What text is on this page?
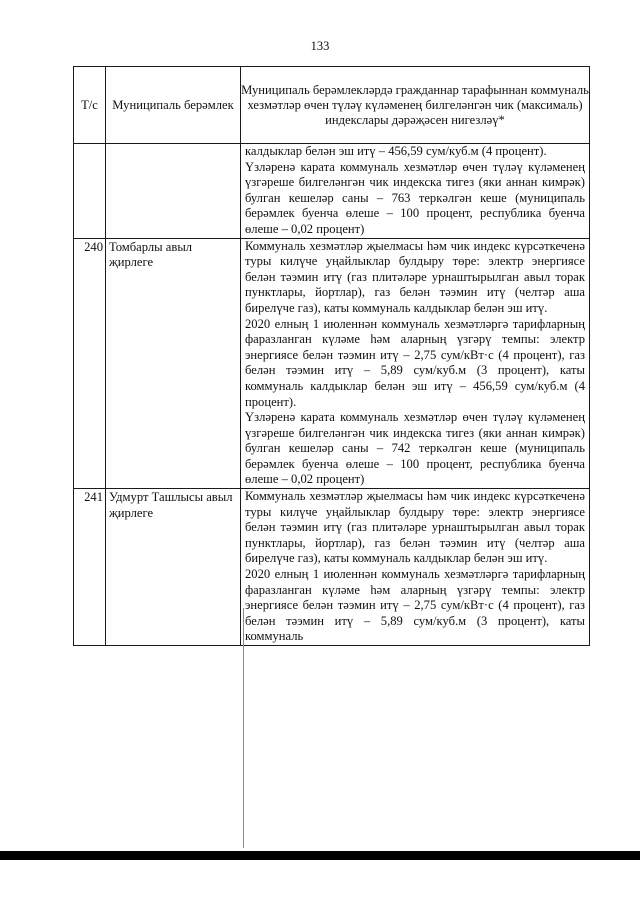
133
Т/с	Муниципаль берәмлек	Муниципаль берәмлекләрдә гражданнар тарафыннан коммуналь хезмәтләр өчен түләү күләменең билгеләнгән чик (максималь) индекслары дәрәҗәсен нигезләү*

		калдыклар белән эш итү – 456,59 сум/куб.м (4 процент).

Үзләренә карата коммуналь хезмәтләр өчен түләү күләменең үзгәреше билгеләнгән чик индекска тигез (яки аннан кимрәк) булган кешеләр саны – 763 теркәлгән кеше (муниципаль берәмлек буенча өлеше – 100 процент, республика буенча өлеше – 0,02 процент)

240	Томбарлы авыл җирлеге	Коммуналь хезмәтләр җыелмасы һәм чик индекс күрсәткеченә туры килүче уңайлыклар булдыру төре: электр энергиясе белән тәэмин итү (газ плитәләре урнаштырылган авыл торак пунктлары, йортлар), газ белән тәэмин итү (челтәр аша бирелүче газ), каты коммуналь калдыклар белән эш итү.

2020 елның 1 июленнән коммуналь хезмәтләргә тарифларның фаразланган күләме һәм аларның үзгәрү темпы: электр энергиясе белән тәэмин итү – 2,75 сум/кВт·с (4 процент), газ белән тәэмин итү – 5,89 сум/куб.м (3 процент), каты коммуналь калдыклар белән эш итү – 456,59 сум/куб.м (4 процент).

Үзләренә карата коммуналь хезмәтләр өчен түләү күләменең үзгәреше билгеләнгән чик индекска тигез (яки аннан кимрәк) булган кешеләр саны – 742 теркәлгән кеше (муниципаль берәмлек буенча өлеше – 100 процент, республика буенча өлеше – 0,02 процент)

241	Удмурт Ташлысы авыл җирлеге	Коммуналь хезмәтләр җыелмасы һәм чик индекс күрсәткеченә туры килүче уңайлыклар булдыру төре: электр энергиясе белән тәэмин итү (газ плитәләре урнаштырылган авыл торак пунктлары, йортлар), газ белән тәэмин итү (челтәр аша бирелүче газ), каты коммуналь калдыклар белән эш итү.

2020 елның 1 июленнән коммуналь хезмәтләргә тарифларның фаразланган күләме һәм аларның үзгәрү темпы: электр энергиясе белән тәэмин итү – 2,75 сум/кВт·с (4 процент), газ белән тәэмин итү – 5,89 сум/куб.м (3 процент), каты коммуналь
